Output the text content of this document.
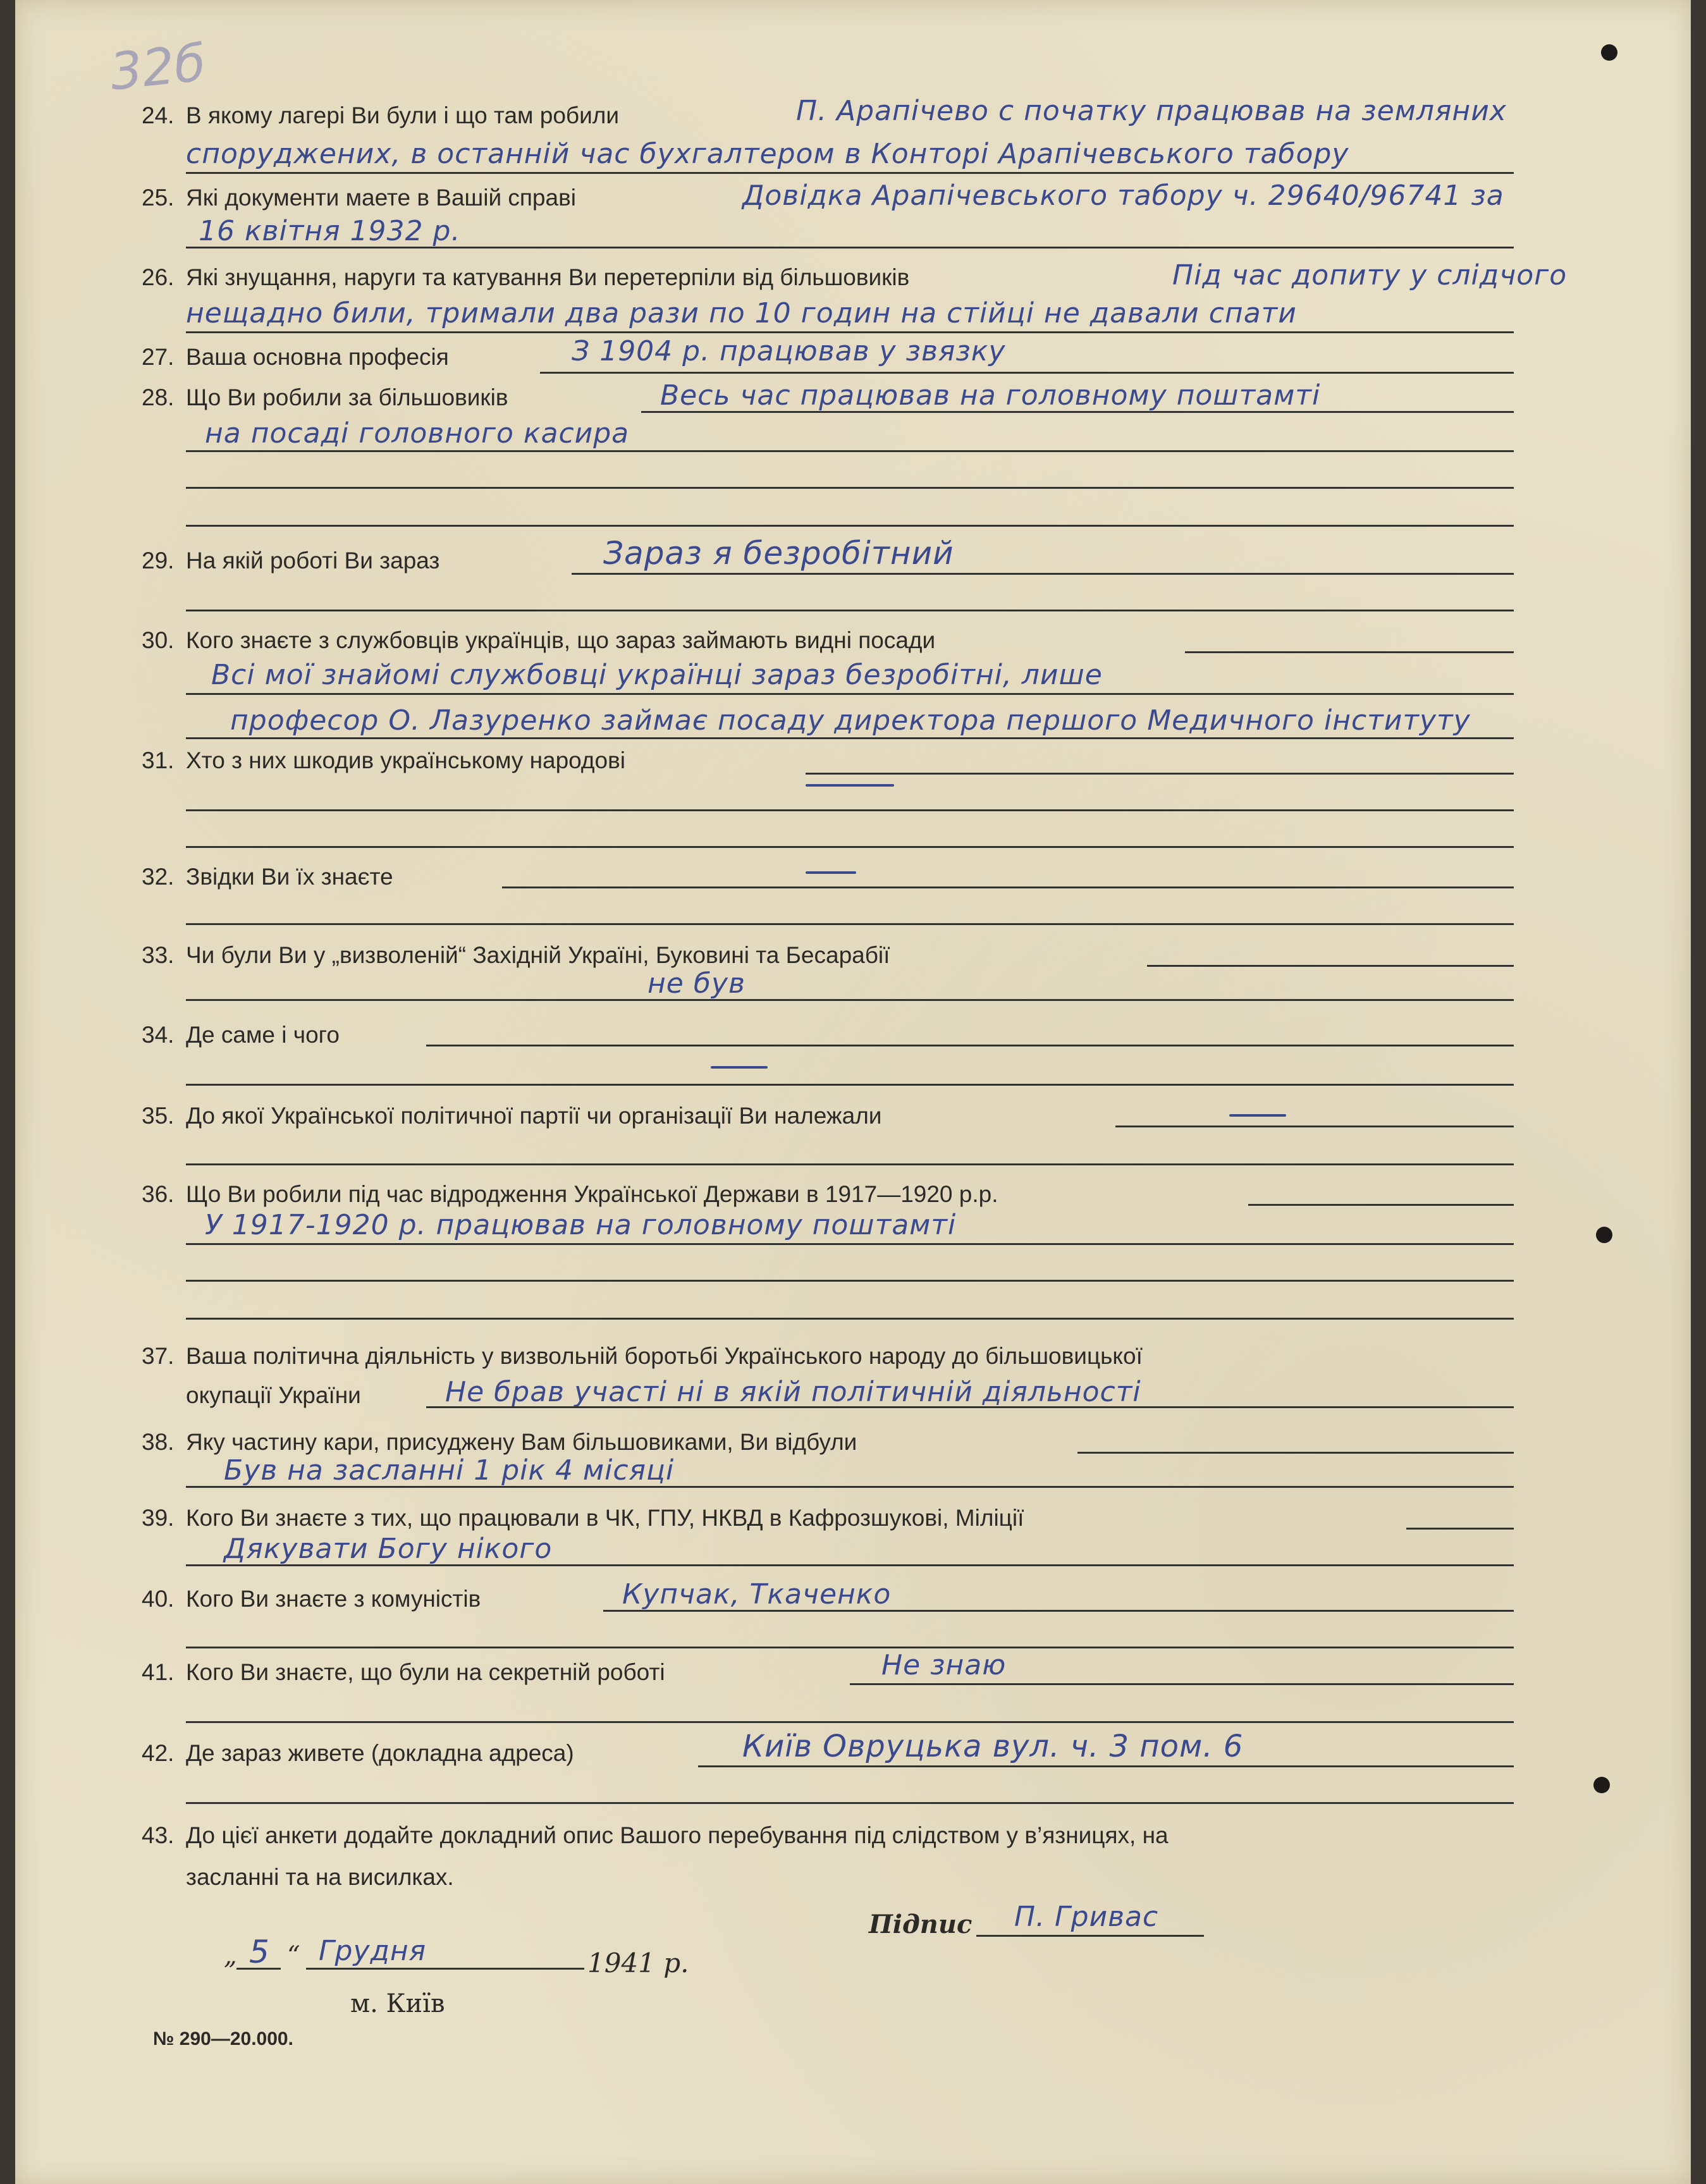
32б
24. В якому лагері Ви були і що там робили	П. Арапічево с початку працював на земляних
споруджених, в останній час бухгалтером в Конторі Арапічевського табору
25. Які документи маете в Вашій справі	Довідка Арапічевського табору ч. 29640/96741 за
16 квітня 1932 р.
26. Які знущання, наруги та катування Ви перетерпіли від більшовиків	Під час допиту у слідчого
нещадно били, тримали два рази по 10 годин на стійці не давали спати
27. Ваша основна професія	З 1904 р. працював у звязку
28. Що Ви робили за більшовиків	Весь час працював на головному поштамті
на посаді головного касира
29. На якій роботі Ви зараз	Зараз я безробітний
30. Кого знаєте з службовців українців, що зараз займають видні посади
Всі мої знайомі службовці українці зараз безробітні, лише
професор О. Лазуренко займає посаду директора першого Медичного інституту
31. Хто з них шкодив українському народові
32. Звідки Ви їх знаєте
33. Чи були Ви у „визволеній“ Західній Україні, Буковині та Бесарабії
не був
34. Де саме і чого
35. До якої Української політичної партії чи організації Ви належали
36. Що Ви робили під час відродження Української Держави в 1917—1920 р.р.
У 1917-1920 р. працював на головному поштамті
37. Ваша політична діяльність у визвольній боротьбі Українського народу до більшовицької
окупації України	Не брав участі ні в якій політичній діяльності
38. Яку частину кари, присуджену Вам більшовиками, Ви відбули
Був на засланні 1 рік 4 місяці
39. Кого Ви знаєте з тих, що працювали в ЧК, ГПУ, НКВД в Кафрозшукові, Міліції
Дякувати Богу нікого
40. Кого Ви знаєте з комуністів	Купчак, Ткаченко
41. Кого Ви знаєте, що були на секретній роботі	Не знаю
42. Де зараз живете (докладна адреса)	Київ Овруцька вул. ч. 3 пом. 6
43. До цієї анкети додайте докладний опис Вашого перебування під слідством у в’язницях, на
засланні та на висилках.
Підпис П. Гривас
„ 5 “ Грудня	1941 р.
м. Київ
№ 290—20.000.
